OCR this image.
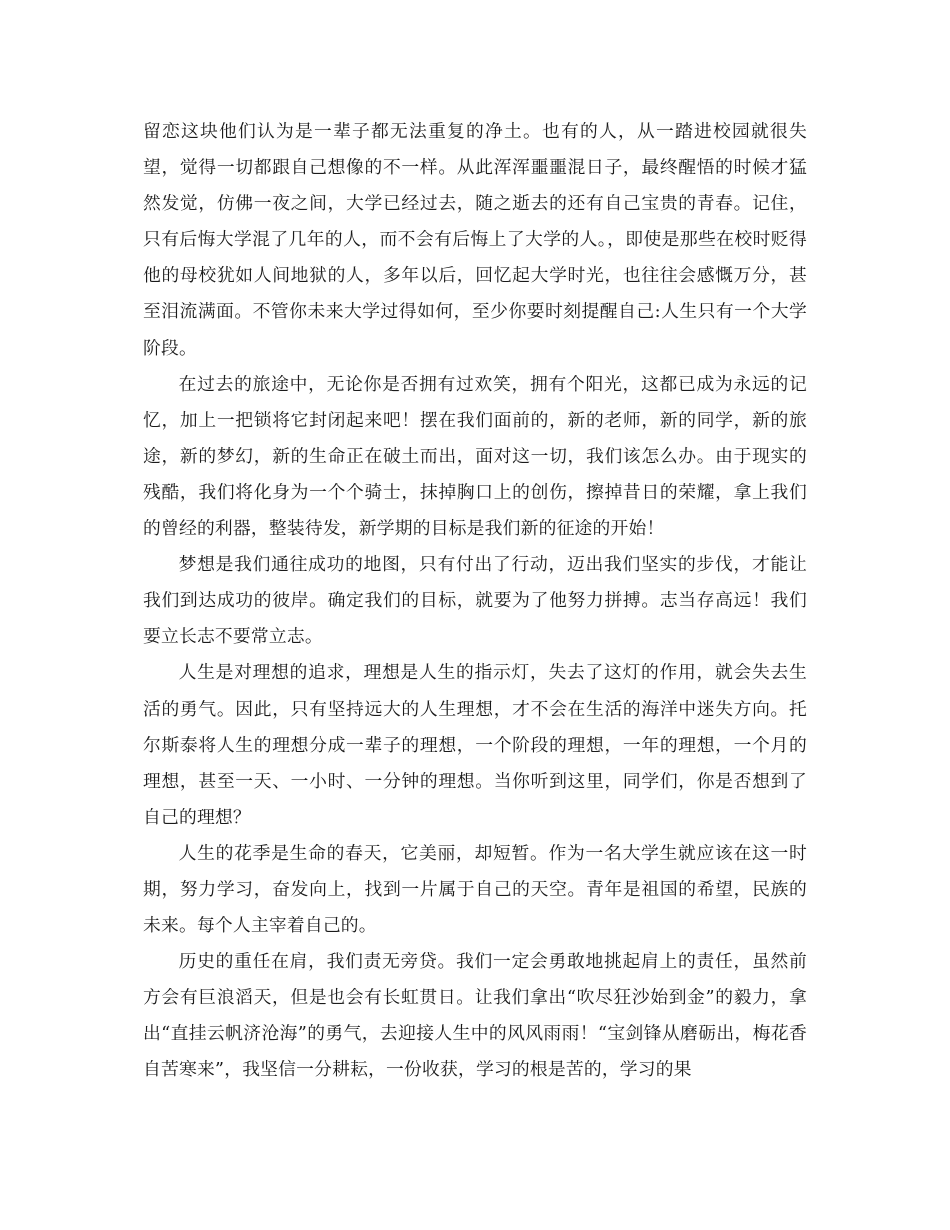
留恋这块他们认为是一辈子都无法重复的净土。也有的人，从一踏进校园就很失望，觉得一切都跟自己想像的不一样。从此浑浑噩噩混日子，最终醒悟的时候才猛然发觉，仿佛一夜之间，大学已经过去，随之逝去的还有自己宝贵的青春。记住，只有后悔大学混了几年的人，而不会有后悔上了大学的人。，即使是那些在校时贬得他的母校犹如人间地狱的人，多年以后，回忆起大学时光，也往往会感慨万分，甚至泪流满面。不管你未来大学过得如何，至少你要时刻提醒自己:人生只有一个大学阶段。

在过去的旅途中，无论你是否拥有过欢笑，拥有个阳光，这都已成为永远的记忆，加上一把锁将它封闭起来吧！摆在我们面前的，新的老师，新的同学，新的旅途，新的梦幻，新的生命正在破土而出，面对这一切，我们该怎么办。由于现实的残酷，我们将化身为一个个骑士，抹掉胸口上的创伤，擦掉昔日的荣耀，拿上我们的曾经的利器，整装待发，新学期的目标是我们新的征途的开始！

梦想是我们通往成功的地图，只有付出了行动，迈出我们坚实的步伐，才能让我们到达成功的彼岸。确定我们的目标，就要为了他努力拼搏。志当存高远！我们要立长志不要常立志。

人生是对理想的追求，理想是人生的指示灯，失去了这灯的作用，就会失去生活的勇气。因此，只有坚持远大的人生理想，才不会在生活的海洋中迷失方向。托尔斯泰将人生的理想分成一辈子的理想，一个阶段的理想，一年的理想，一个月的理想，甚至一天、一小时、一分钟的理想。当你听到这里，同学们，你是否想到了自己的理想？

人生的花季是生命的春天，它美丽，却短暂。作为一名大学生就应该在这一时期，努力学习，奋发向上，找到一片属于自己的天空。青年是祖国的希望，民族的未来。每个人主宰着自己的。

历史的重任在肩，我们责无旁贷。我们一定会勇敢地挑起肩上的责任，虽然前方会有巨浪滔天，但是也会有长虹贯日。让我们拿出“吹尽狂沙始到金”的毅力，拿出“直挂云帆济沧海”的勇气，去迎接人生中的风风雨雨！“宝剑锋从磨砺出，梅花香自苦寒来”，我坚信一分耕耘，一份收获，学习的根是苦的，学习的果
